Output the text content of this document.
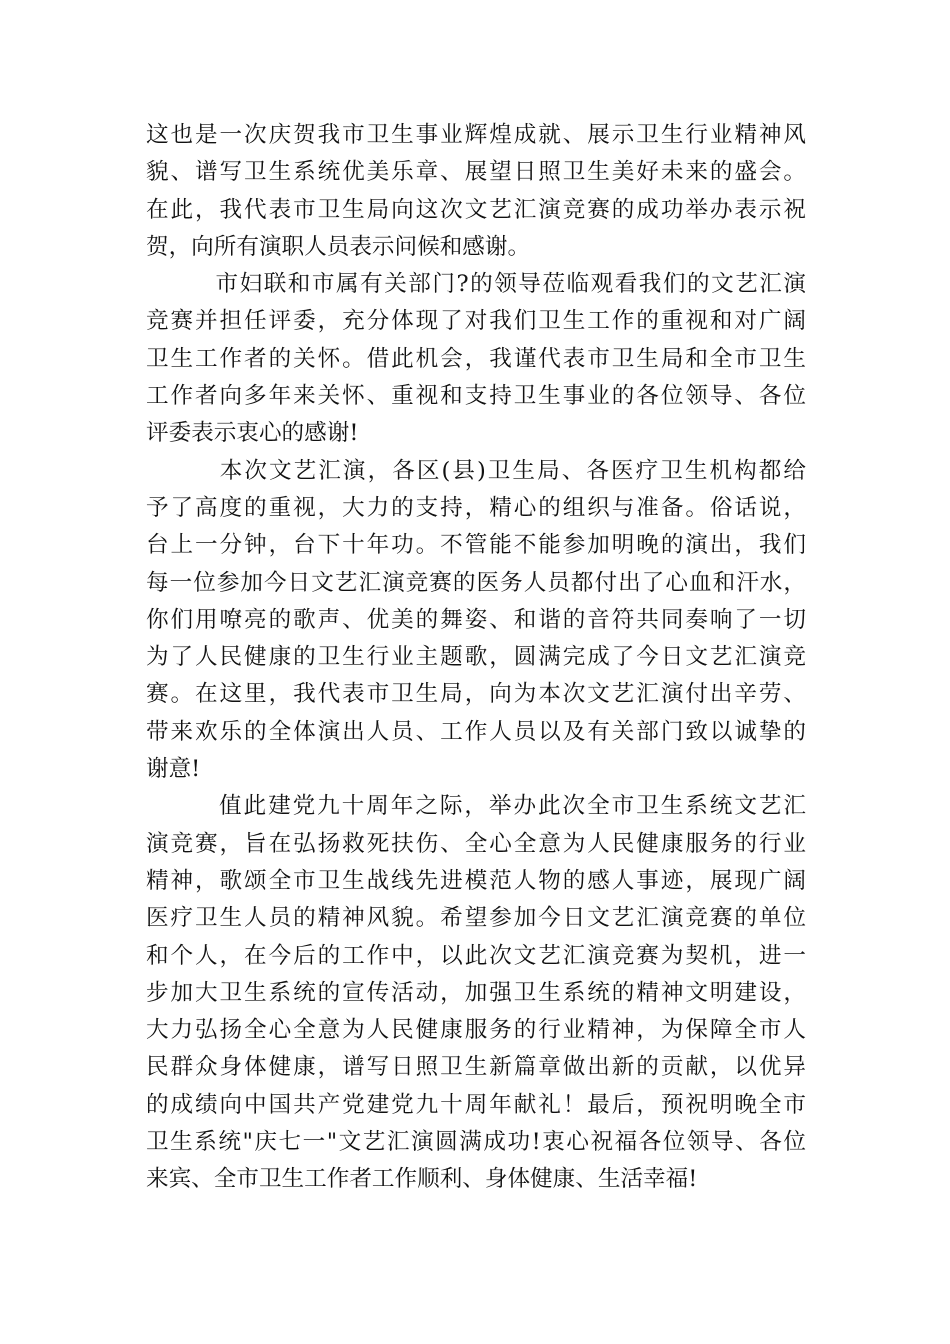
这也是一次庆贺我市卫生事业辉煌成就、展示卫生行业精神风
貌、谱写卫生系统优美乐章、展望日照卫生美好未来的盛会。
在此，我代表市卫生局向这次文艺汇演竞赛的成功举办表示祝
贺，向所有演职人员表示问候和感谢。
市妇联和市属有关部门?的领导莅临观看我们的文艺汇演
竞赛并担任评委，充分体现了对我们卫生工作的重视和对广阔
卫生工作者的关怀。借此机会，我谨代表市卫生局和全市卫生
工作者向多年来关怀、重视和支持卫生事业的各位领导、各位
评委表示衷心的感谢!
本次文艺汇演，各区(县)卫生局、各医疗卫生机构都给
予了高度的重视，大力的支持，精心的组织与准备。俗话说，
台上一分钟，台下十年功。不管能不能参加明晚的演出，我们
每一位参加今日文艺汇演竞赛的医务人员都付出了心血和汗水，
你们用嘹亮的歌声、优美的舞姿、和谐的音符共同奏响了一切
为了人民健康的卫生行业主题歌，圆满完成了今日文艺汇演竞
赛。在这里，我代表市卫生局，向为本次文艺汇演付出辛劳、
带来欢乐的全体演出人员、工作人员以及有关部门致以诚挚的
谢意!
值此建党九十周年之际，举办此次全市卫生系统文艺汇
演竞赛，旨在弘扬救死扶伤、全心全意为人民健康服务的行业
精神，歌颂全市卫生战线先进模范人物的感人事迹，展现广阔
医疗卫生人员的精神风貌。希望参加今日文艺汇演竞赛的单位
和个人，在今后的工作中，以此次文艺汇演竞赛为契机，进一
步加大卫生系统的宣传活动，加强卫生系统的精神文明建设，
大力弘扬全心全意为人民健康服务的行业精神，为保障全市人
民群众身体健康，谱写日照卫生新篇章做出新的贡献，以优异
的成绩向中国共产党建党九十周年献礼！最后，预祝明晚全市
卫生系统"庆七一"文艺汇演圆满成功!衷心祝福各位领导、各位
来宾、全市卫生工作者工作顺利、身体健康、生活幸福!
